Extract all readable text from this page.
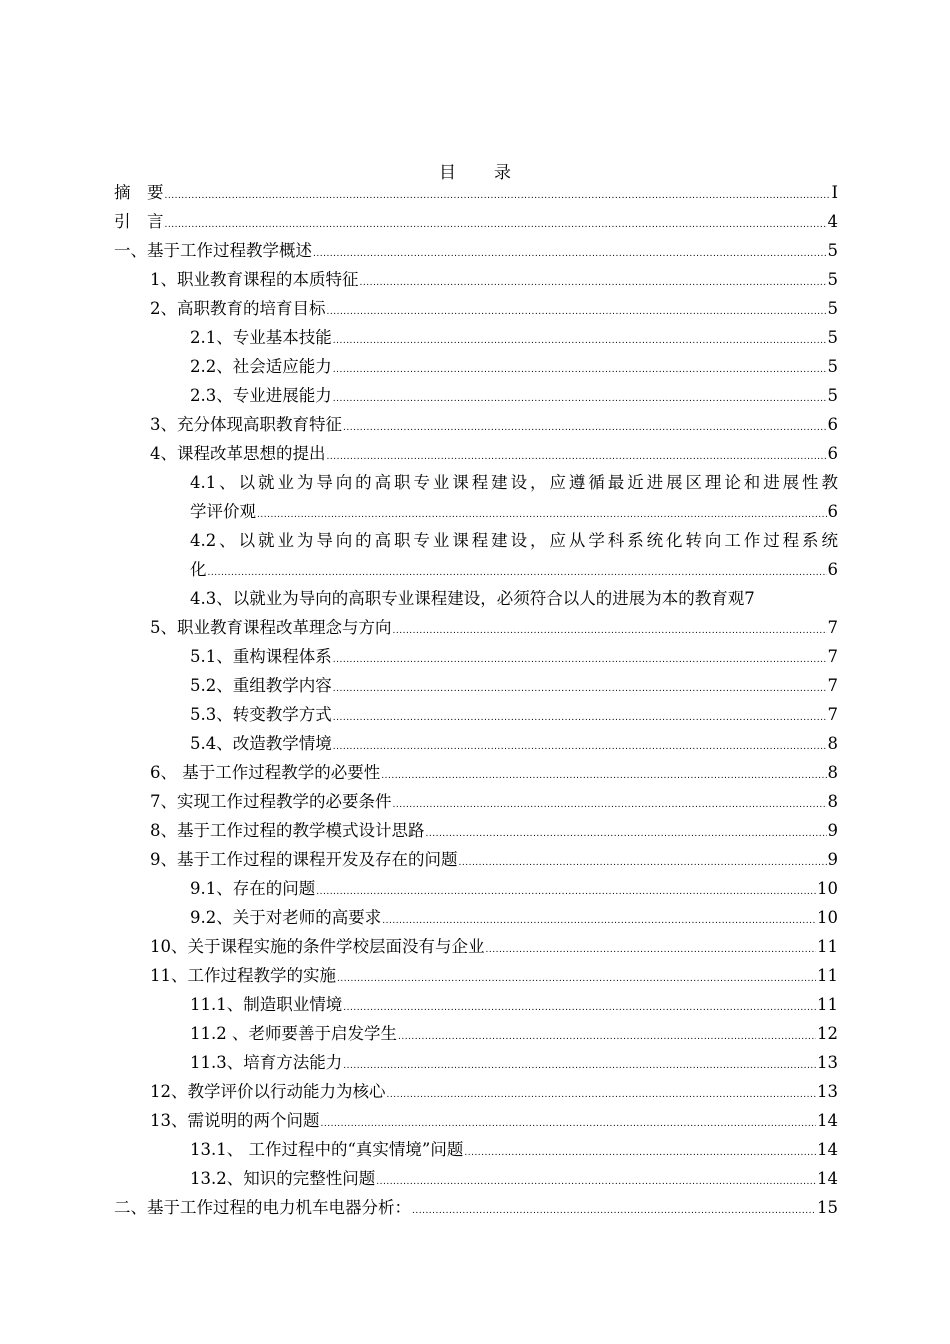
目 录
摘　要 .....	I
引　言 .....	4
一、基于工作过程教学概述 .....	5
1、职业教育课程的本质特征 .....	5
2、高职教育的培育目标 .....	5
2.1、专业基本技能 .....	5
2.2、社会适应能力 .....	5
2.3、专业进展能力 .....	5
3、充分体现高职教育特征 .....	6
4、课程改革思想的提出 .....	6
4.1、以就业为导向的高职专业课程建设，应遵循最近进展区理论和进展性教
学评价观 .....	6
4.2、以就业为导向的高职专业课程建设，应从学科系统化转向工作过程系统
化 .....	6
4.3、以就业为导向的高职专业课程建设，必须符合以人的进展为本的教育观 7
5、职业教育课程改革理念与方向 .....	7
5.1、重构课程体系 .....	7
5.2、重组教学内容 .....	7
5.3、转变教学方式 .....	7
5.4、改造教学情境 .....	8
6、 基于工作过程教学的必要性 .....	8
7、实现工作过程教学的必要条件 .....	8
8、基于工作过程的教学模式设计思路 .....	9
9、基于工作过程的课程开发及存在的问题 .....	9
9.1、存在的问题 .....	10
9.2、关于对老师的高要求 .....	10
10、关于课程实施的条件学校层面没有与企业 .....	11
11、工作过程教学的实施 .....	11
11.1、制造职业情境 .....	11
11.2 、老师要善于启发学生 .....	12
11.3、培育方法能力 .....	13
12、教学评价以行动能力为核心 .....	13
13、需说明的两个问题 .....	14
13.1、 工作过程中的“真实情境”问题 .....	14
13.2、知识的完整性问题 .....	14
二、基于工作过程的电力机车电器分析： .....	15
